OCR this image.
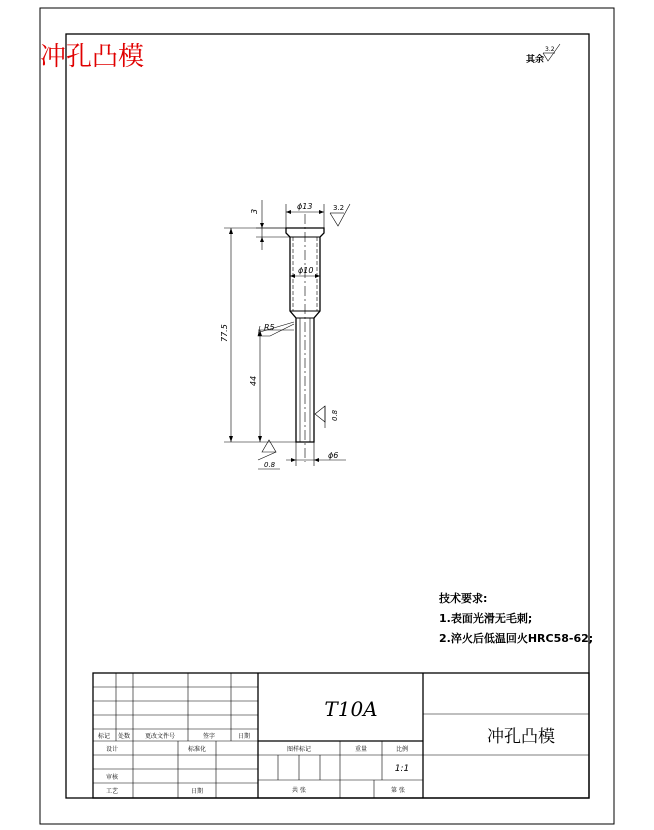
冲孔凸模	其余
3.2
ϕ13	3.2
3
ϕ10
R5
77.5
44
0.8
0.8
ϕ6
技术要求:
1.表面光滑无毛刺;
2.淬火后低温回火HRC58-62;
T10A
冲孔凸模
标记 处数 更改文件号	签字	日期
设计	标准化
审核
工艺	日期
图样标记	重量	比例
1:1
共 张	第 张
